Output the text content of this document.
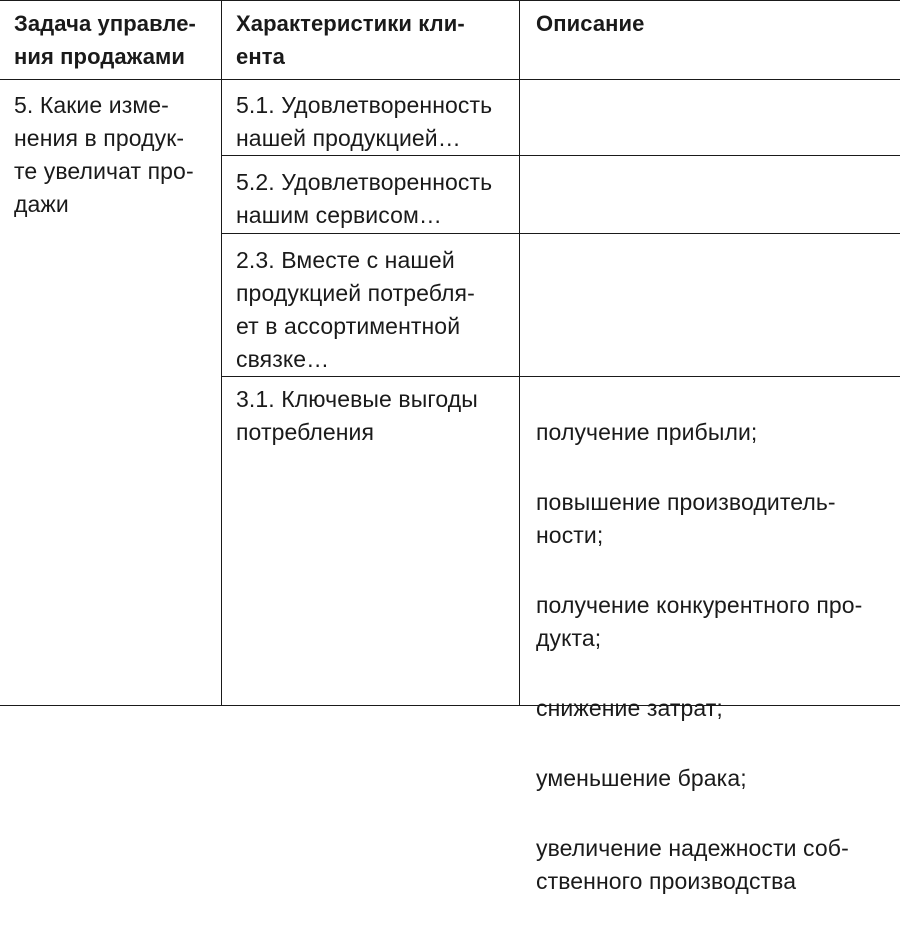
Задача управле-
ния продажами
Характеристики кли-
ента
Описание
5. Какие изме-
нения в продук-
те увеличат про-
дажи
5.1. Удовлетворенность
нашей продукцией…
5.2. Удовлетворенность
нашим сервисом…
2.3. Вместе с нашей
продукцией потребля-
ет в ассортиментной
связке…
3.1. Ключевые выгоды
потребления	получение прибыли;

повышение производитель-
ности;

получение конкурентного про-
дукта;

снижение затрат;

уменьшение брака;

увеличение надежности соб-
ственного производства
